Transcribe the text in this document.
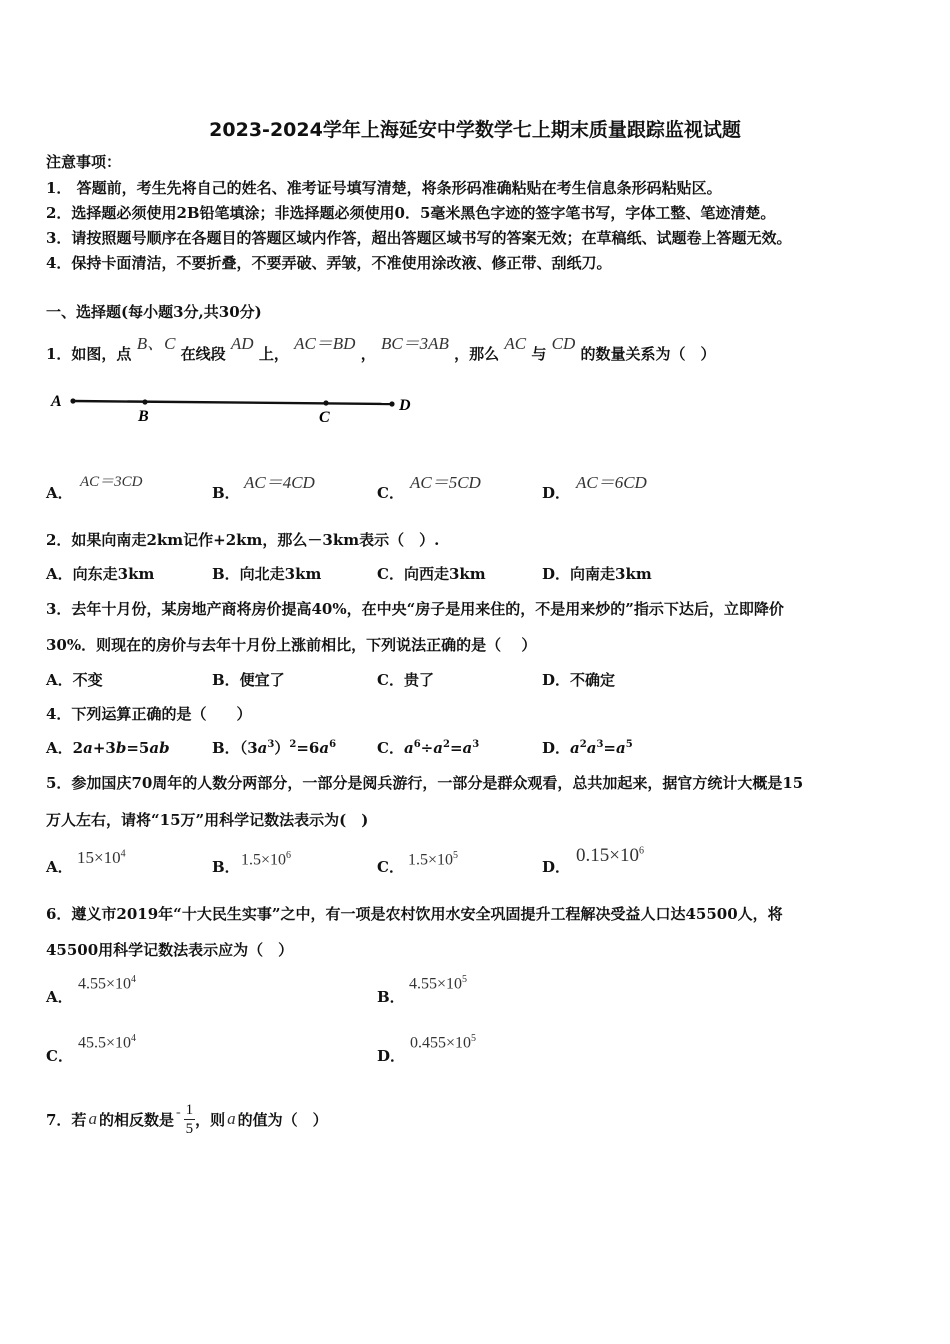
2023-2024学年上海延安中学数学七上期末质量跟踪监视试题
注意事项：
1． 答题前，考生先将自己的姓名、准考证号填写清楚，将条形码准确粘贴在考生信息条形码粘贴区。
2．选择题必须使用2B铅笔填涂；非选择题必须使用0．5毫米黑色字迹的签字笔书写，字体工整、笔迹清楚。
3．请按照题号顺序在各题目的答题区域内作答，超出答题区域书写的答案无效；在草稿纸、试题卷上答题无效。
4．保持卡面清洁，不要折叠，不要弄破、弄皱，不准使用涂改液、修正带、刮纸刀。
一、选择题(每小题3分,共30分)
1．如图，点 B、C 在线段 AD 上， AC＝BD ， BC＝3AB ，那么 AC 与 CD 的数量关系为（　）
A
B	C
D
A．
AC＝3CD
B．
AC＝4CD
C．
AC＝5CD
D．
AC＝6CD
2．如果向南走2km记作+2km，那么－3km表示（　）.
A．向东走3km	B．向北走3km	C．向西走3km	D．向南走3km
3．去年十月份，某房地产商将房价提高40%，在中央“房子是用来住的，不是用来炒的”指示下达后，立即降价
30%．则现在的房价与去年十月份上涨前相比，下列说法正确的是（　 ）
A．不变	B．便宜了	C．贵了	D．不确定
4．下列运算正确的是（　　）
A．2a+3b=5ab	B．$(3a^3)^2=6a^6$	C．$a^6\div a^2=a^3$	D．$a^2a^3=a^5$
5．参加国庆70周年的人数分两部分，一部分是阅兵游行，一部分是群众观看，总共加起来，据官方统计大概是15
万人左右，请将“15万”用科学记数法表示为(　)
A． $15\times 10^4$
B． $1.5\times 10^6$
C． $1.5\times 10^5$
D．
$0.15\times 10^6$
6．遵义市2019年“十大民生实事”之中，有一项是农村饮用水安全巩固提升工程解决受益人口达45500人，将
45500用科学记数法表示应为（　）
A．
$4.55\times 10^4$
B．
$4.55\times 10^5$
C．
$45.5\times 10^4$
D．
$0.455\times 10^5$
7．若 a 的相反数是 - $\frac{1}{5}$ ，则 a 的值为（　）
